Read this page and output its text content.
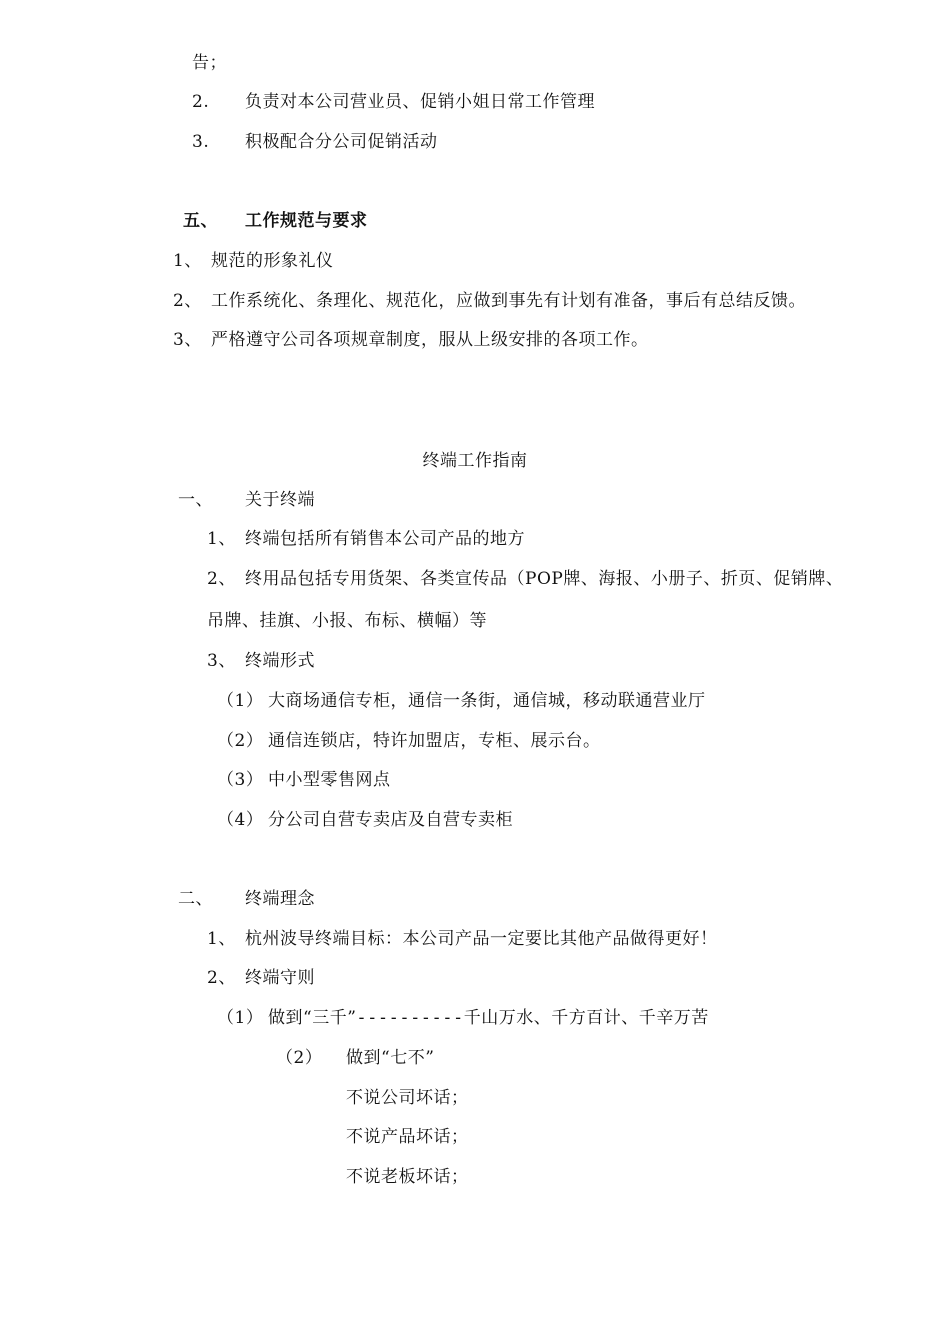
告；
2. 负责对本公司营业员、促销小姐日常工作管理
3. 积极配合分公司促销活动
五、 工作规范与要求
1、 规范的形象礼仪
2、 工作系统化、条理化、规范化，应做到事先有计划有准备，事后有总结反馈。
3、 严格遵守公司各项规章制度，服从上级安排的各项工作。
终端工作指南
一、 关于终端
1、 终端包括所有销售本公司产品的地方
2、 终用品包括专用货架、各类宣传品（POP牌、海报、小册子、折页、促销牌、
吊牌、挂旗、小报、布标、横幅）等
3、 终端形式
（1） 大商场通信专柜，通信一条街，通信城，移动联通营业厅
（2） 通信连锁店，特许加盟店，专柜、展示台。
（3） 中小型零售网点
（4） 分公司自营专卖店及自营专卖柜
二、 终端理念
1、 杭州波导终端目标：本公司产品一定要比其他产品做得更好！
2、 终端守则
（1） 做到“三千”----------千山万水、千方百计、千辛万苦
（2） 做到“七不”
不说公司坏话；
不说产品坏话；
不说老板坏话；
